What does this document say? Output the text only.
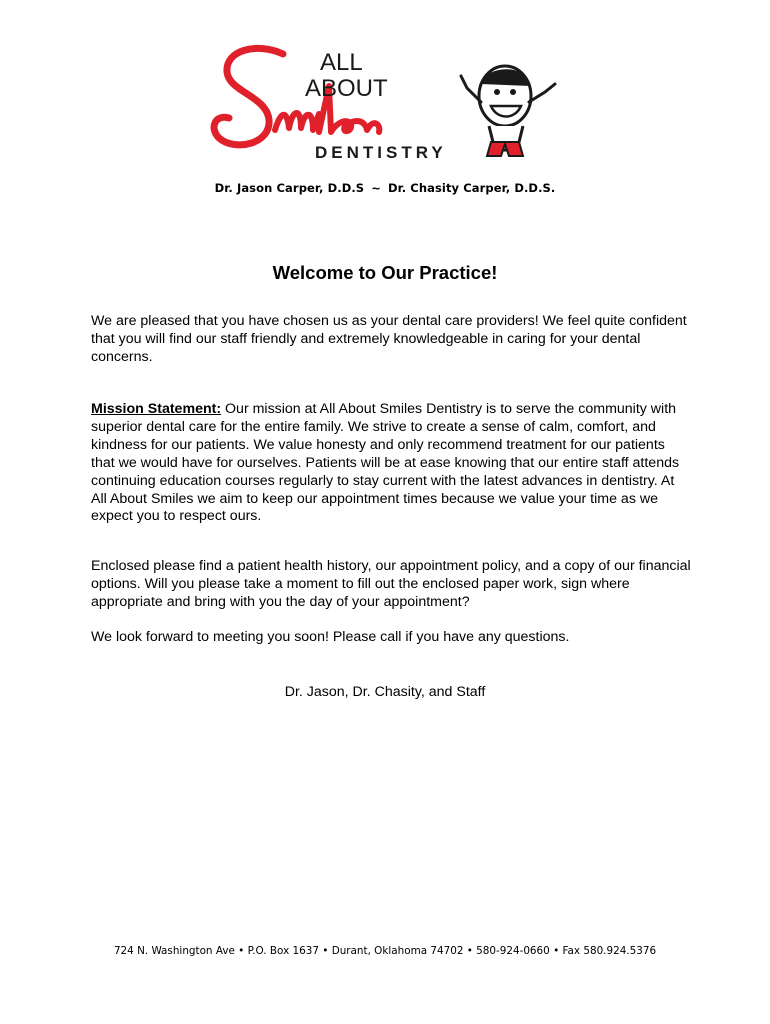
ALL
ABOUT
DENTISTRY
Dr. Jason Carper, D.D.S ~ Dr. Chasity Carper, D.D.S.
Welcome to Our Practice!

We are pleased that you have chosen us as your dental care providers! We feel quite confident that you will find our staff friendly and extremely knowledgeable in caring for your dental concerns.

Mission Statement: Our mission at All About Smiles Dentistry is to serve the community with superior dental care for the entire family. We strive to create a sense of calm, comfort, and kindness for our patients. We value honesty and only recommend treatment for our patients that we would have for ourselves. Patients will be at ease knowing that our entire staff attends continuing education courses regularly to stay current with the latest advances in dentistry. At All About Smiles we aim to keep our appointment times because we value your time as we expect you to respect ours.

Enclosed please find a patient health history, our appointment policy, and a copy of our financial options. Will you please take a moment to fill out the enclosed paper work, sign where appropriate and bring with you the day of your appointment?

We look forward to meeting you soon! Please call if you have any questions.

Dr. Jason, Dr. Chasity, and Staff
724 N. Washington Ave • P.O. Box 1637 • Durant, Oklahoma 74702 • 580-924-0660 • Fax 580.924.5376
